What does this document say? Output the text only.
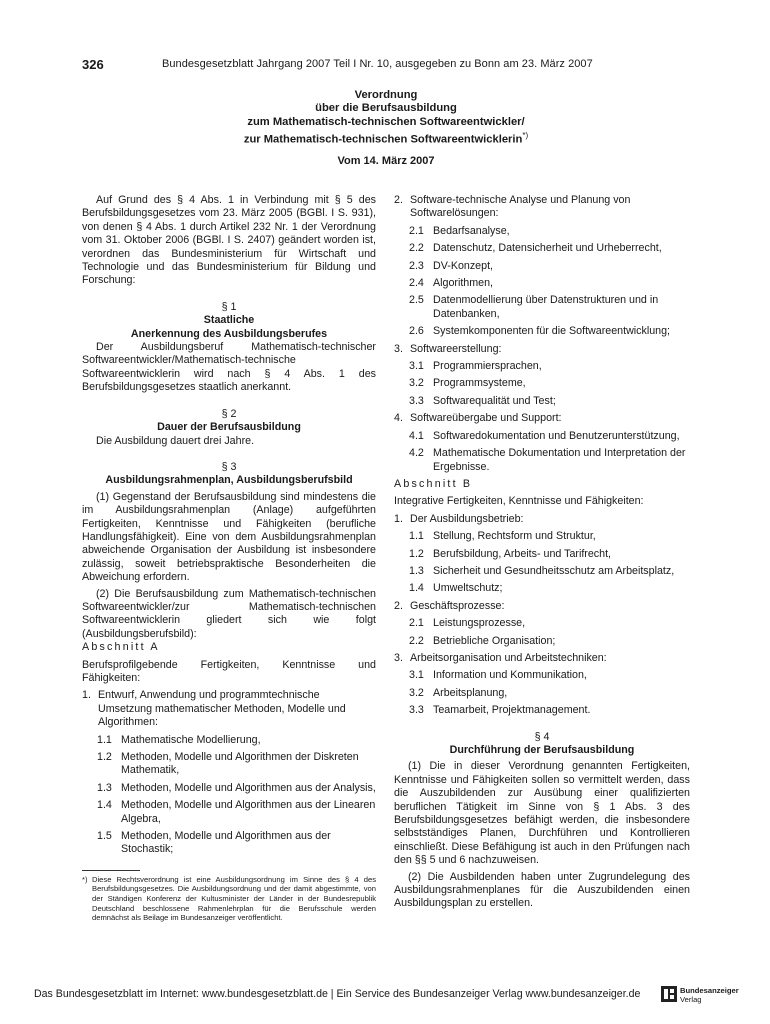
326	Bundesgesetzblatt Jahrgang 2007 Teil I Nr. 10, ausgegeben zu Bonn am 23. März 2007
Verordnung
über die Berufsausbildung
zum Mathematisch-technischen Softwareentwickler/
zur Mathematisch-technischen Softwareentwicklerin*)
Vom 14. März 2007

Auf Grund des § 4 Abs. 1 in Verbindung mit § 5 des Berufsbildungsgesetzes vom 23. März 2005 (BGBl. I S. 931), von denen § 4 Abs. 1 durch Artikel 232 Nr. 1 der Verordnung vom 31. Oktober 2006 (BGBl. I S. 2407) geändert worden ist, verordnen das Bundesministerium für Wirtschaft und Technologie und das Bundesministerium für Bildung und Forschung:

§ 1

Staatliche

Anerkennung des Ausbildungsberufes

Der Ausbildungsberuf Mathematisch-technischer Softwareentwickler/Mathematisch-technische Softwareentwicklerin wird nach § 4 Abs. 1 des Berufsbildungsgesetzes staatlich anerkannt.

§ 2

Dauer der Berufsausbildung

Die Ausbildung dauert drei Jahre.

§ 3

Ausbildungsrahmenplan, Ausbildungsberufsbild

(1) Gegenstand der Berufsausbildung sind mindestens die im Ausbildungsrahmenplan (Anlage) aufgeführten Fertigkeiten, Kenntnisse und Fähigkeiten (berufliche Handlungsfähigkeit). Eine von dem Ausbildungsrahmenplan abweichende Organisation der Ausbildung ist insbesondere zulässig, soweit betriebspraktische Besonderheiten die Abweichung erfordern.

(2) Die Berufsausbildung zum Mathematisch-technischen Softwareentwickler/zur Mathematisch-technischen Softwareentwicklerin gliedert sich wie folgt (Ausbildungsberufsbild):

Abschnitt A

Berufsprofilgebende Fertigkeiten, Kenntnisse und Fähigkeiten:

1. Entwurf, Anwendung und programmtechnische Umsetzung mathematischer Methoden, Modelle und Algorithmen:
1.1 Mathematische Modellierung,
1.2 Methoden, Modelle und Algorithmen der Diskreten Mathematik,
1.3 Methoden, Modelle und Algorithmen aus der Analysis,
1.4 Methoden, Modelle und Algorithmen aus der Linearen Algebra,
1.5 Methoden, Modelle und Algorithmen aus der Stochastik;
*) Diese Rechtsverordnung ist eine Ausbildungsordnung im Sinne des § 4 des Berufsbildungsgesetzes. Die Ausbildungsordnung und der damit abgestimmte, von der Ständigen Konferenz der Kultusminister der Länder in der Bundesrepublik Deutschland beschlossene Rahmenlehrplan für die Berufsschule werden demnächst als Beilage im Bundesanzeiger veröffentlicht.
2. Software-technische Analyse und Planung von Softwarelösungen:
2.1 Bedarfsanalyse,
2.2 Datenschutz, Datensicherheit und Urheberrecht,
2.3 DV-Konzept,
2.4 Algorithmen,
2.5 Datenmodellierung über Datenstrukturen und in Datenbanken,
2.6 Systemkomponenten für die Softwareentwicklung;
3. Softwareerstellung:
3.1 Programmiersprachen,
3.2 Programmsysteme,
3.3 Softwarequalität und Test;
4. Softwareübergabe und Support:
4.1 Softwaredokumentation und Benutzerunterstützung,
4.2 Mathematische Dokumentation und Interpretation der Ergebnisse.

Abschnitt B

Integrative Fertigkeiten, Kenntnisse und Fähigkeiten:

1. Der Ausbildungsbetrieb:
1.1 Stellung, Rechtsform und Struktur,
1.2 Berufsbildung, Arbeits- und Tarifrecht,
1.3 Sicherheit und Gesundheitsschutz am Arbeitsplatz,
1.4 Umweltschutz;
2. Geschäftsprozesse:
2.1 Leistungsprozesse,
2.2 Betriebliche Organisation;
3. Arbeitsorganisation und Arbeitstechniken:
3.1 Information und Kommunikation,
3.2 Arbeitsplanung,
3.3 Teamarbeit, Projektmanagement.

§ 4

Durchführung der Berufsausbildung

(1) Die in dieser Verordnung genannten Fertigkeiten, Kenntnisse und Fähigkeiten sollen so vermittelt werden, dass die Auszubildenden zur Ausübung einer qualifizierten beruflichen Tätigkeit im Sinne von § 1 Abs. 3 des Berufsbildungsgesetzes befähigt werden, die insbesondere selbstständiges Planen, Durchführen und Kontrollieren einschließt. Diese Befähigung ist auch in den Prüfungen nach den §§ 5 und 6 nachzuweisen.

(2) Die Ausbildenden haben unter Zugrundelegung des Ausbildungsrahmenplanes für die Auszubildenden einen Ausbildungsplan zu erstellen.

Das Bundesgesetzblatt im Internet: www.bundesgesetzblatt.de | Ein Service des Bundesanzeiger Verlag www.bundesanzeiger.de	Bundesanzeiger
Verlag
